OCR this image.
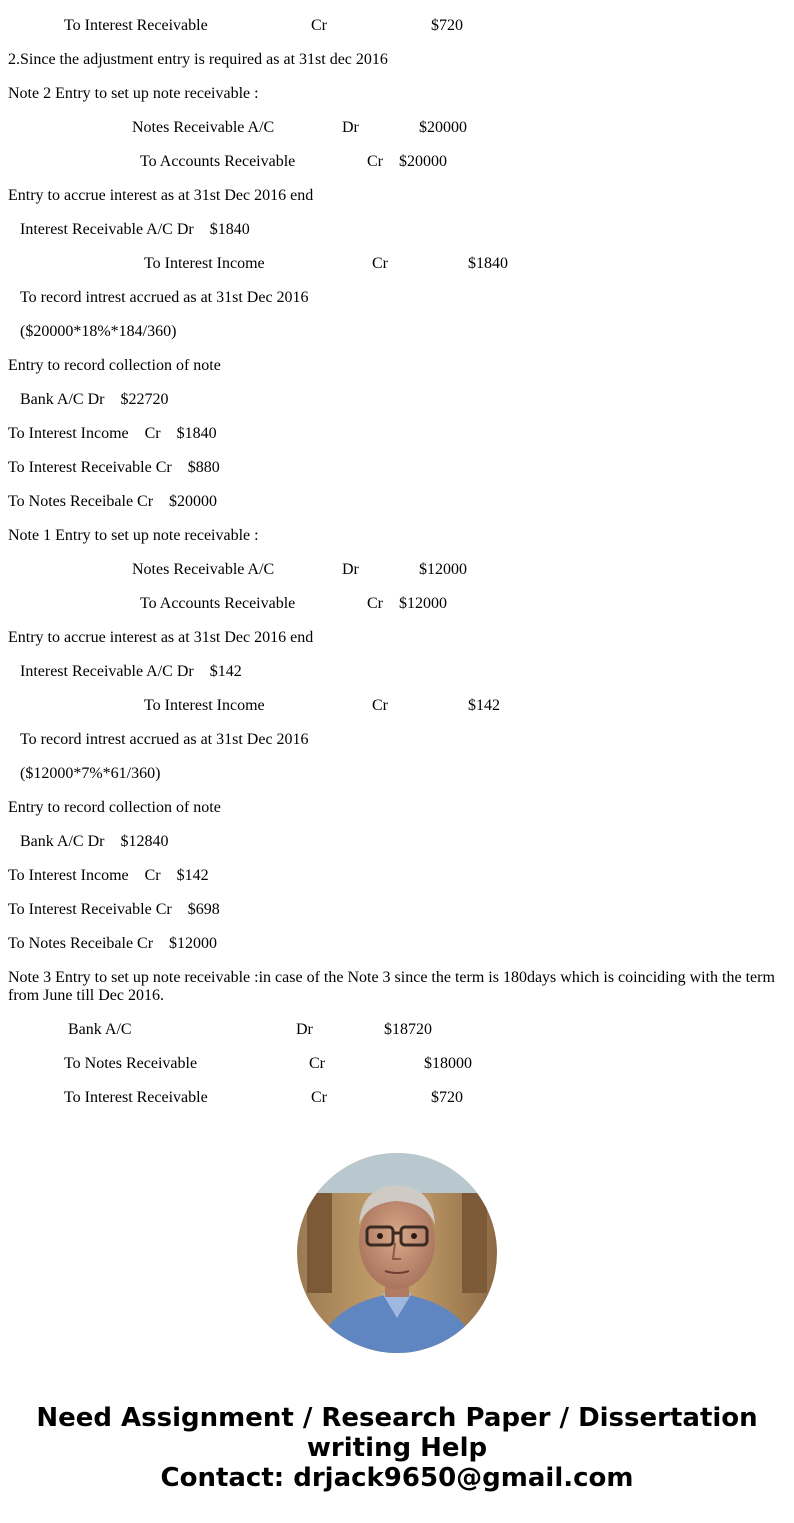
To Interest Receivable	Cr	$720
2.Since the adjustment entry is required as at 31st dec 2016
Note 2 Entry to set up note receivable :
Notes Receivable A/C	Dr	$20000
To Accounts Receivable	Cr $20000
Entry to accrue interest as at 31st Dec 2016 end
Interest Receivable A/C Dr    $1840
To Interest Income	Cr	$1840
To record intrest accrued as at 31st Dec 2016
($20000*18%*184/360)
Entry to record collection of note
Bank A/C Dr    $22720
To Interest Income    Cr    $1840
To Interest Receivable Cr    $880
To Notes Receibale Cr    $20000
Note 1 Entry to set up note receivable :
Notes Receivable A/C	Dr	$12000
To Accounts Receivable	Cr $12000
Entry to accrue interest as at 31st Dec 2016 end
Interest Receivable A/C Dr    $142
To Interest Income	Cr	$142
To record intrest accrued as at 31st Dec 2016
($12000*7%*61/360)
Entry to record collection of note
Bank A/C Dr    $12840
To Interest Income    Cr    $142
To Interest Receivable Cr    $698
To Notes Receibale Cr    $12000
Note 3 Entry to set up note receivable :in case of the Note 3 since the term is 180days which is coinciding with the term from June till Dec 2016.
Bank A/C	Dr	$18720
To Notes Receivable	Cr	$18000
To Interest Receivable	Cr	$720
Need Assignment / Research Paper / Dissertation
writing Help
Contact: drjack9650@gmail.com
